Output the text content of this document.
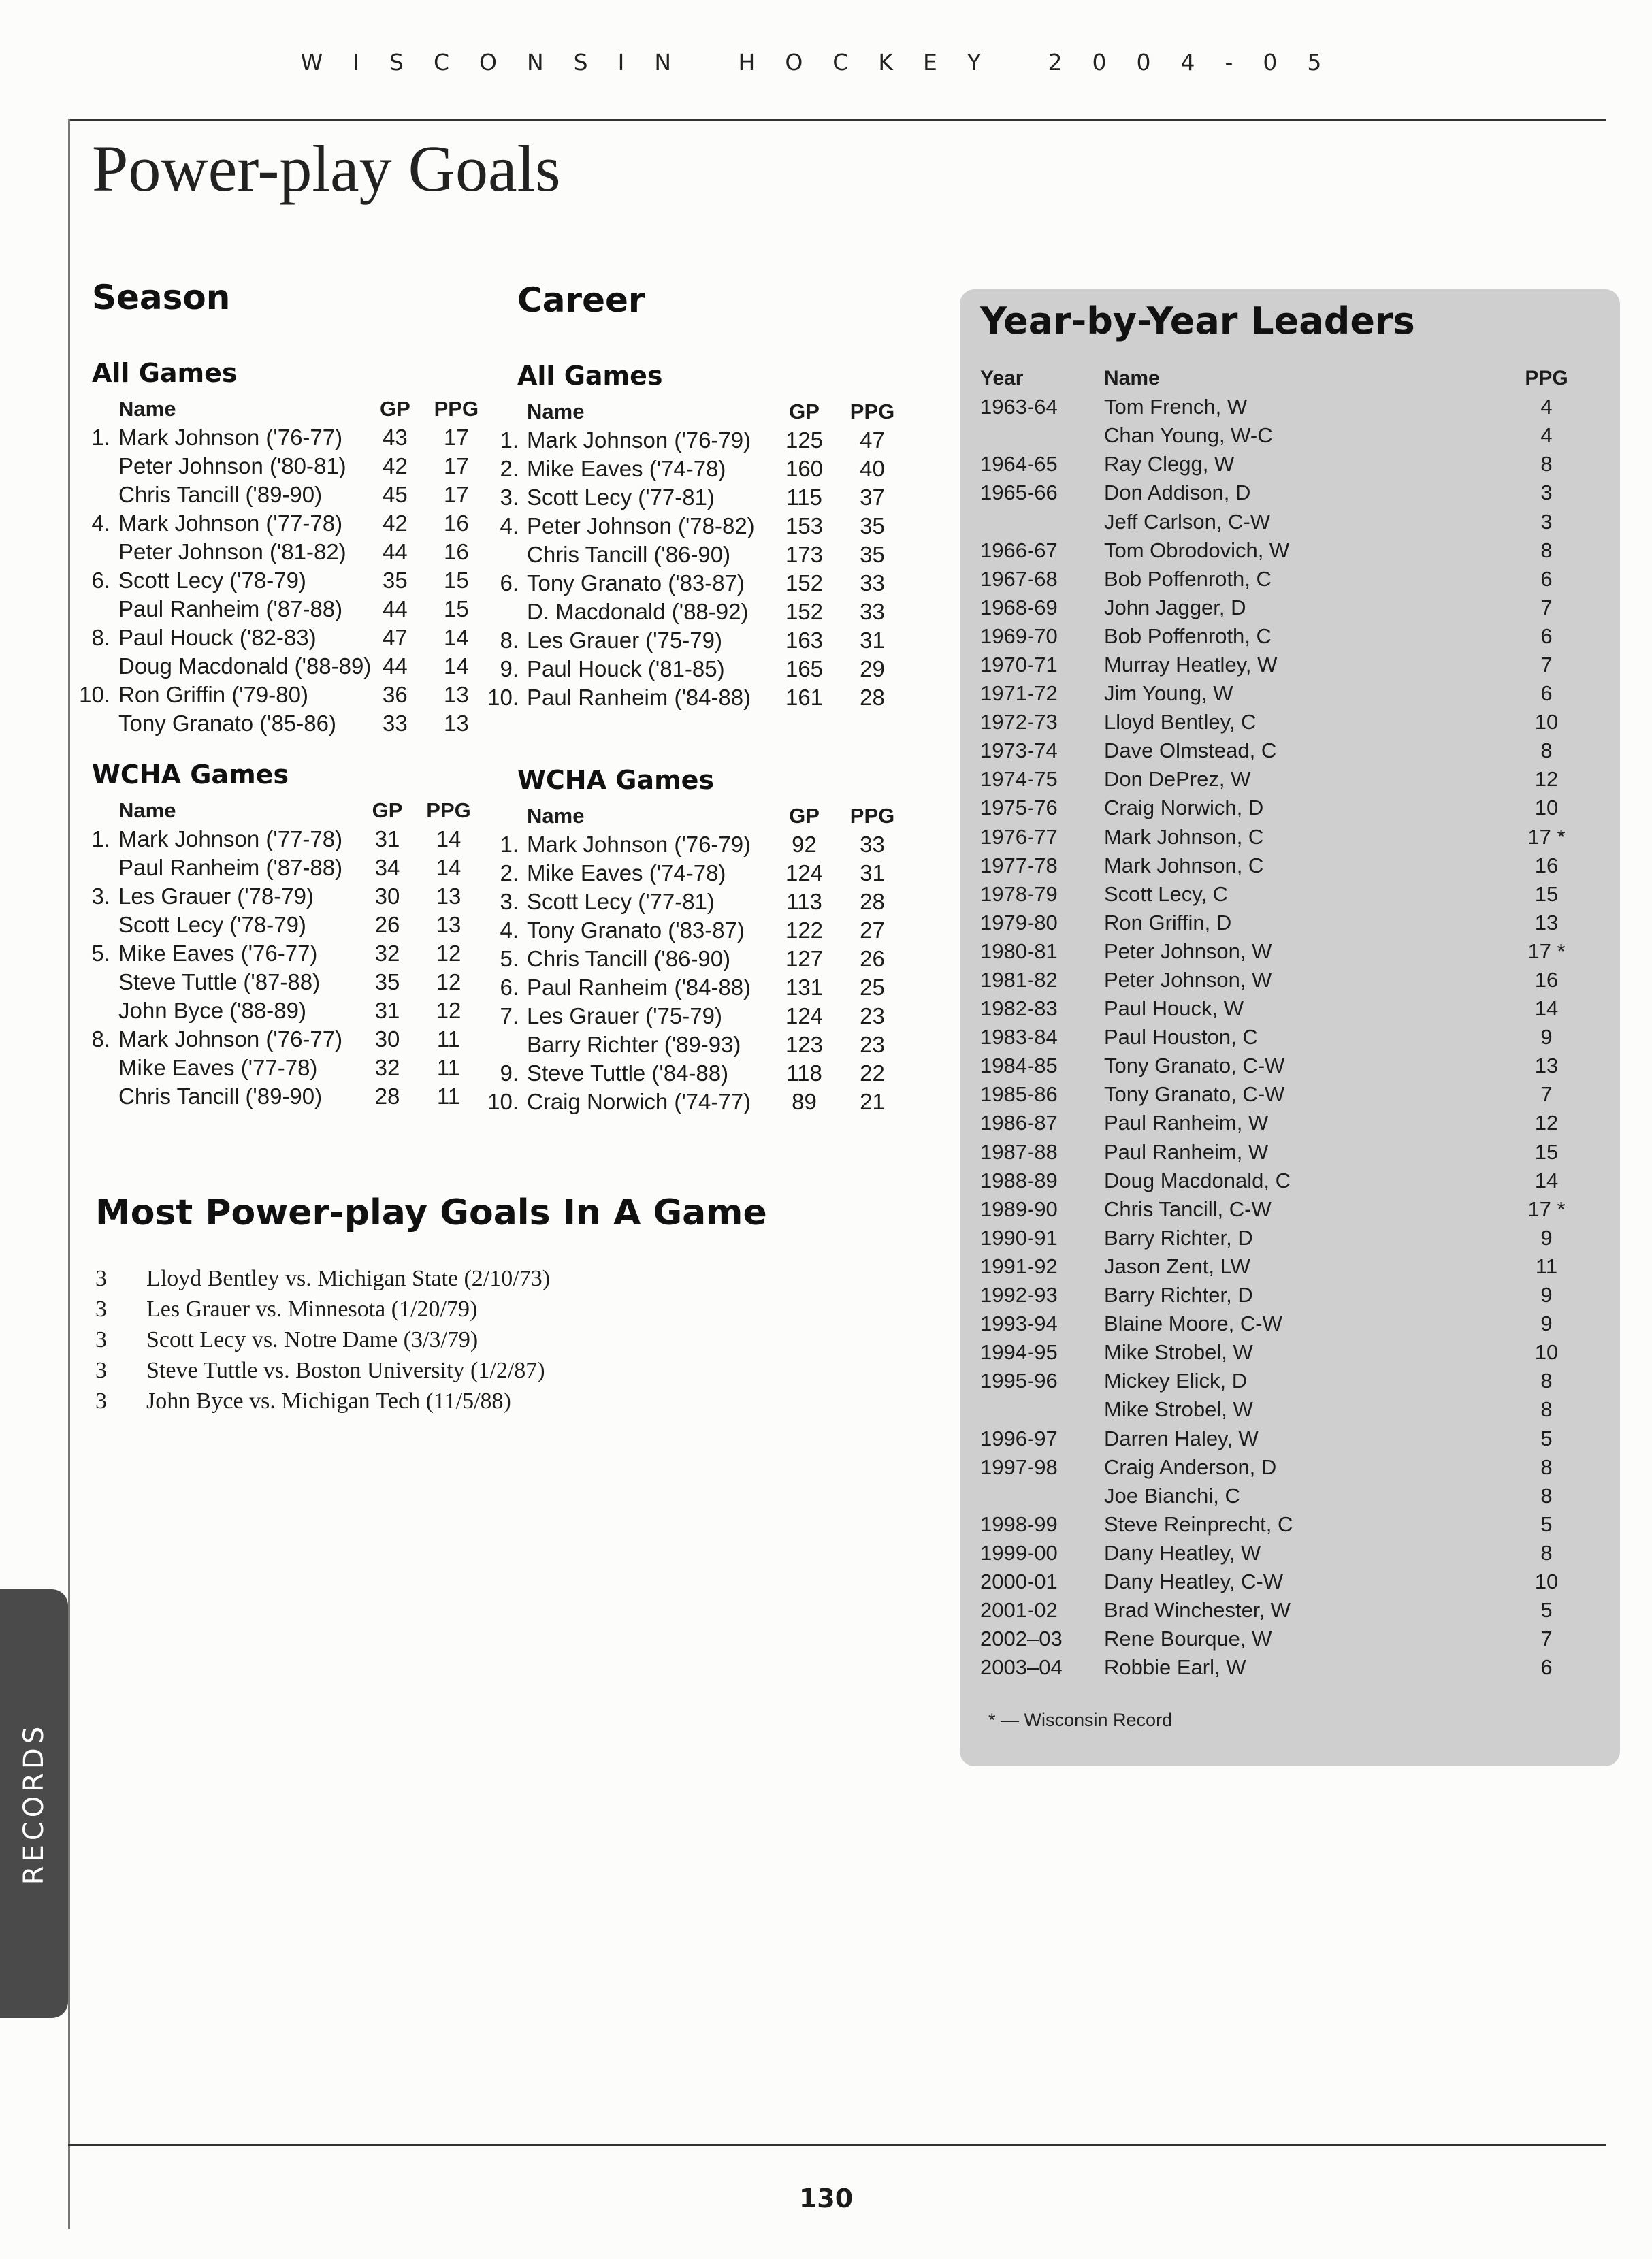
WISCONSIN HOCKEY 2004-05
Power-play Goals
Season
All Games
	Name	GP	PPG
1.	Mark Johnson ('76-77)	43	17
	Peter Johnson ('80-81)	42	17
	Chris Tancill ('89-90)	45	17
4.	Mark Johnson ('77-78)	42	16
	Peter Johnson ('81-82)	44	16
6.	Scott Lecy ('78-79)	35	15
	Paul Ranheim ('87-88)	44	15
8.	Paul Houck ('82-83)	47	14
	Doug Macdonald ('88-89)	44	14
10.	Ron Griffin ('79-80)	36	13
	Tony Granato ('85-86)	33	13
WCHA Games
	Name	GP	PPG
1.	Mark Johnson ('77-78)	31	14
	Paul Ranheim ('87-88)	34	14
3.	Les Grauer ('78-79)	30	13
	Scott Lecy ('78-79)	26	13
5.	Mike Eaves ('76-77)	32	12
	Steve Tuttle ('87-88)	35	12
	John Byce ('88-89)	31	12
8.	Mark Johnson ('76-77)	30	11
	Mike Eaves ('77-78)	32	11
	Chris Tancill ('89-90)	28	11
Career
All Games
	Name	GP	PPG
1.	Mark Johnson ('76-79)	125	47
2.	Mike Eaves ('74-78)	160	40
3.	Scott Lecy ('77-81)	115	37
4.	Peter Johnson ('78-82)	153	35
	Chris Tancill ('86-90)	173	35
6.	Tony Granato ('83-87)	152	33
	D. Macdonald ('88-92)	152	33
8.	Les Grauer ('75-79)	163	31
9.	Paul Houck ('81-85)	165	29
10.	Paul Ranheim ('84-88)	161	28
WCHA Games
	Name	GP	PPG
1.	Mark Johnson ('76-79)	92	33
2.	Mike Eaves ('74-78)	124	31
3.	Scott Lecy ('77-81)	113	28
4.	Tony Granato ('83-87)	122	27
5.	Chris Tancill ('86-90)	127	26
6.	Paul Ranheim ('84-88)	131	25
7.	Les Grauer ('75-79)	124	23
	Barry Richter ('89-93)	123	23
9.	Steve Tuttle ('84-88)	118	22
10.	Craig Norwich ('74-77)	89	21
Most Power-play Goals In A Game
3	Lloyd Bentley vs. Michigan State (2/10/73)
3	Les Grauer vs. Minnesota (1/20/79)
3	Scott Lecy vs. Notre Dame (3/3/79)
3	Steve Tuttle vs. Boston University (1/2/87)
3	John Byce vs. Michigan Tech (11/5/88)
Year-by-Year Leaders
Year	Name	PPG
1963-64	Tom French, W	4
	Chan Young, W-C	4
1964-65	Ray Clegg, W	8
1965-66	Don Addison, D	3
	Jeff Carlson, C-W	3
1966-67	Tom Obrodovich, W	8
1967-68	Bob Poffenroth, C	6
1968-69	John Jagger, D	7
1969-70	Bob Poffenroth, C	6
1970-71	Murray Heatley, W	7
1971-72	Jim Young, W	6
1972-73	Lloyd Bentley, C	10
1973-74	Dave Olmstead, C	8
1974-75	Don DePrez, W	12
1975-76	Craig Norwich, D	10
1976-77	Mark Johnson, C	17 *
1977-78	Mark Johnson, C	16
1978-79	Scott Lecy, C	15
1979-80	Ron Griffin, D	13
1980-81	Peter Johnson, W	17 *
1981-82	Peter Johnson, W	16
1982-83	Paul Houck, W	14
1983-84	Paul Houston, C	9
1984-85	Tony Granato, C-W	13
1985-86	Tony Granato, C-W	7
1986-87	Paul Ranheim, W	12
1987-88	Paul Ranheim, W	15
1988-89	Doug Macdonald, C	14
1989-90	Chris Tancill, C-W	17 *
1990-91	Barry Richter, D	9
1991-92	Jason Zent, LW	11
1992-93	Barry Richter, D	9
1993-94	Blaine Moore, C-W	9
1994-95	Mike Strobel, W	10
1995-96	Mickey Elick, D	8
	Mike Strobel, W	8
1996-97	Darren Haley, W	5
1997-98	Craig Anderson, D	8
	Joe Bianchi, C	8
1998-99	Steve Reinprecht, C	5
1999-00	Dany Heatley, W	8
2000-01	Dany Heatley, C-W	10
2001-02	Brad Winchester, W	5
2002–03	Rene Bourque, W	7
2003–04	Robbie Earl, W	6
* — Wisconsin Record
RECORDS
130
